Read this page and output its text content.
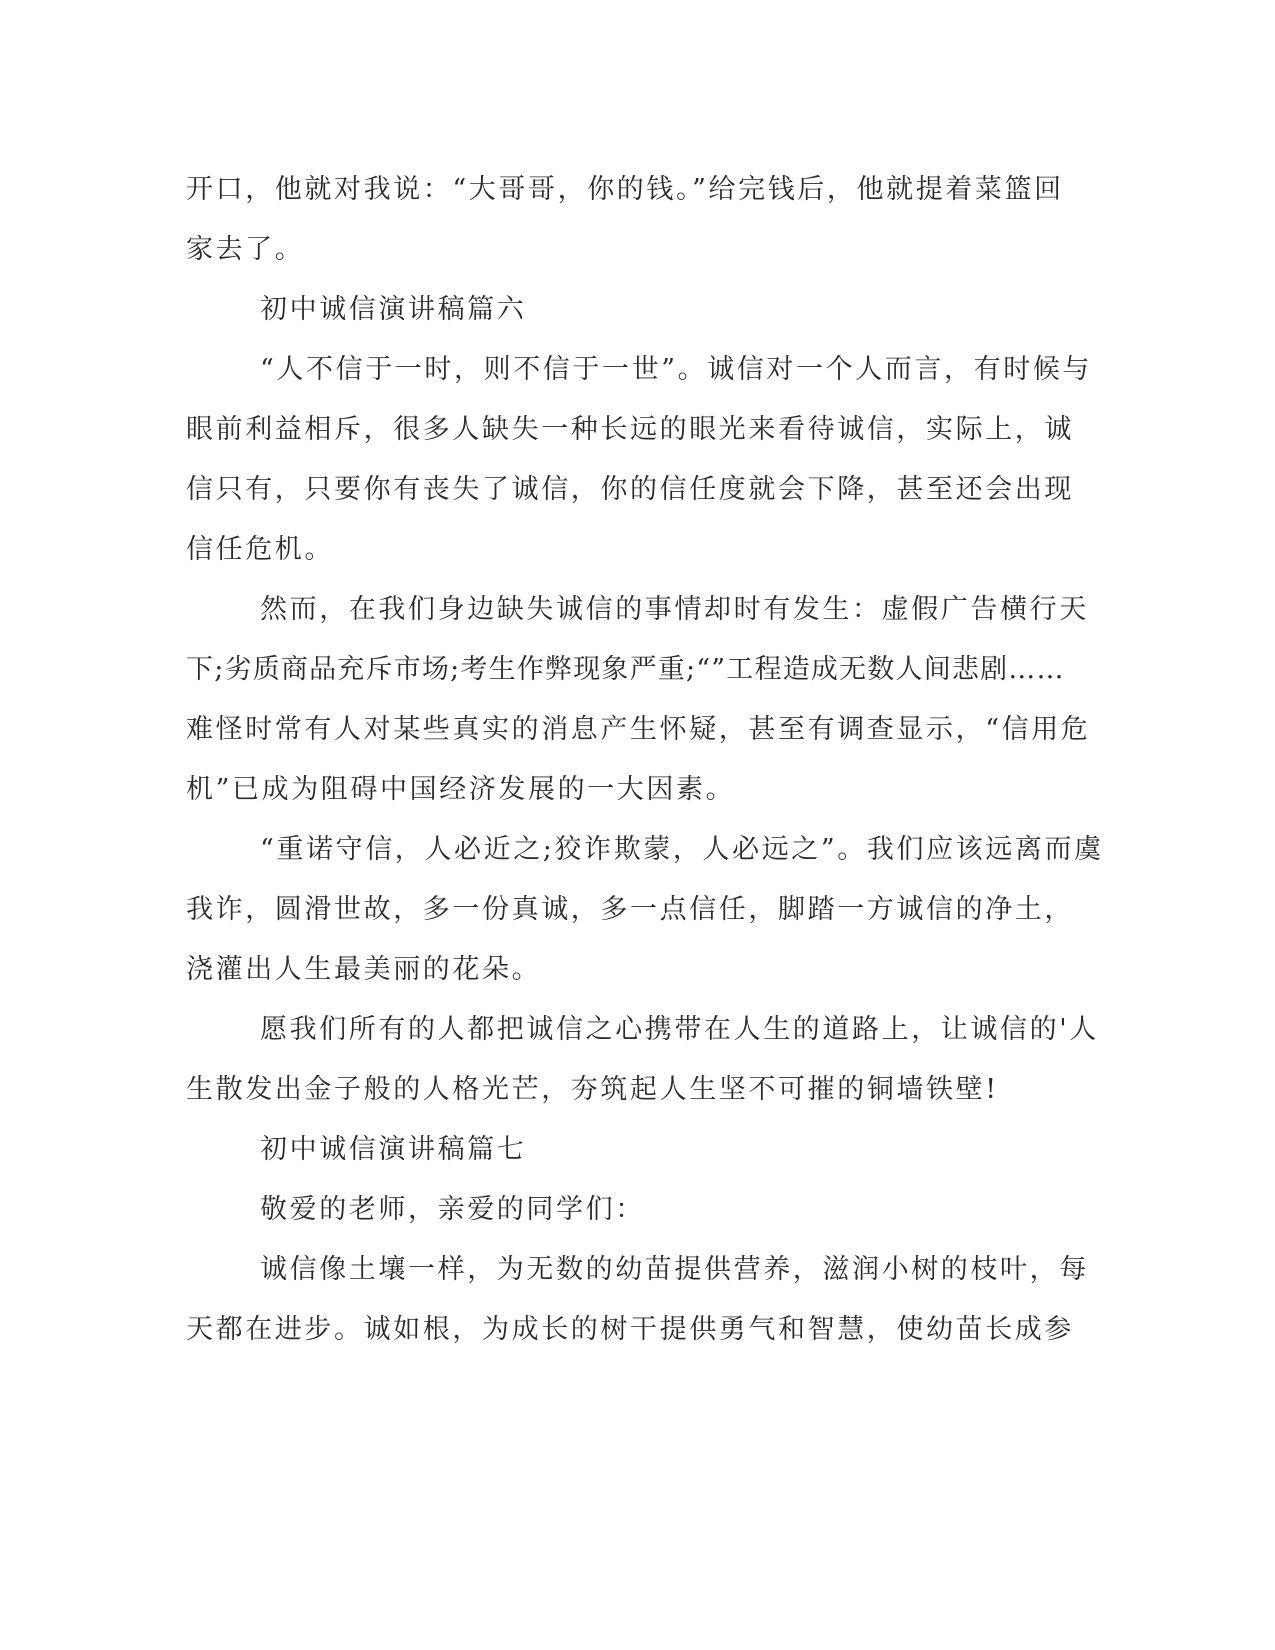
开口，他就对我说：“大哥哥，你的钱。”给完钱后，他就提着菜篮回
家去了。
初中诚信演讲稿篇六
“人不信于一时，则不信于一世”。诚信对一个人而言，有时候与
眼前利益相斥，很多人缺失一种长远的眼光来看待诚信，实际上，诚
信只有，只要你有丧失了诚信，你的信任度就会下降，甚至还会出现
信任危机。
然而，在我们身边缺失诚信的事情却时有发生：虚假广告横行天
下;劣质商品充斥市场;考生作弊现象严重;“”工程造成无数人间悲剧……
难怪时常有人对某些真实的消息产生怀疑，甚至有调查显示，“信用危
机”已成为阻碍中国经济发展的一大因素。
“重诺守信，人必近之;狡诈欺蒙，人必远之”。我们应该远离而虞
我诈，圆滑世故，多一份真诚，多一点信任，脚踏一方诚信的净土，
浇灌出人生最美丽的花朵。
愿我们所有的人都把诚信之心携带在人生的道路上，让诚信的'人
生散发出金子般的人格光芒，夯筑起人生坚不可摧的铜墙铁壁!
初中诚信演讲稿篇七
敬爱的老师，亲爱的同学们：
诚信像土壤一样，为无数的幼苗提供营养，滋润小树的枝叶，每
天都在进步。诚如根，为成长的树干提供勇气和智慧，使幼苗长成参
